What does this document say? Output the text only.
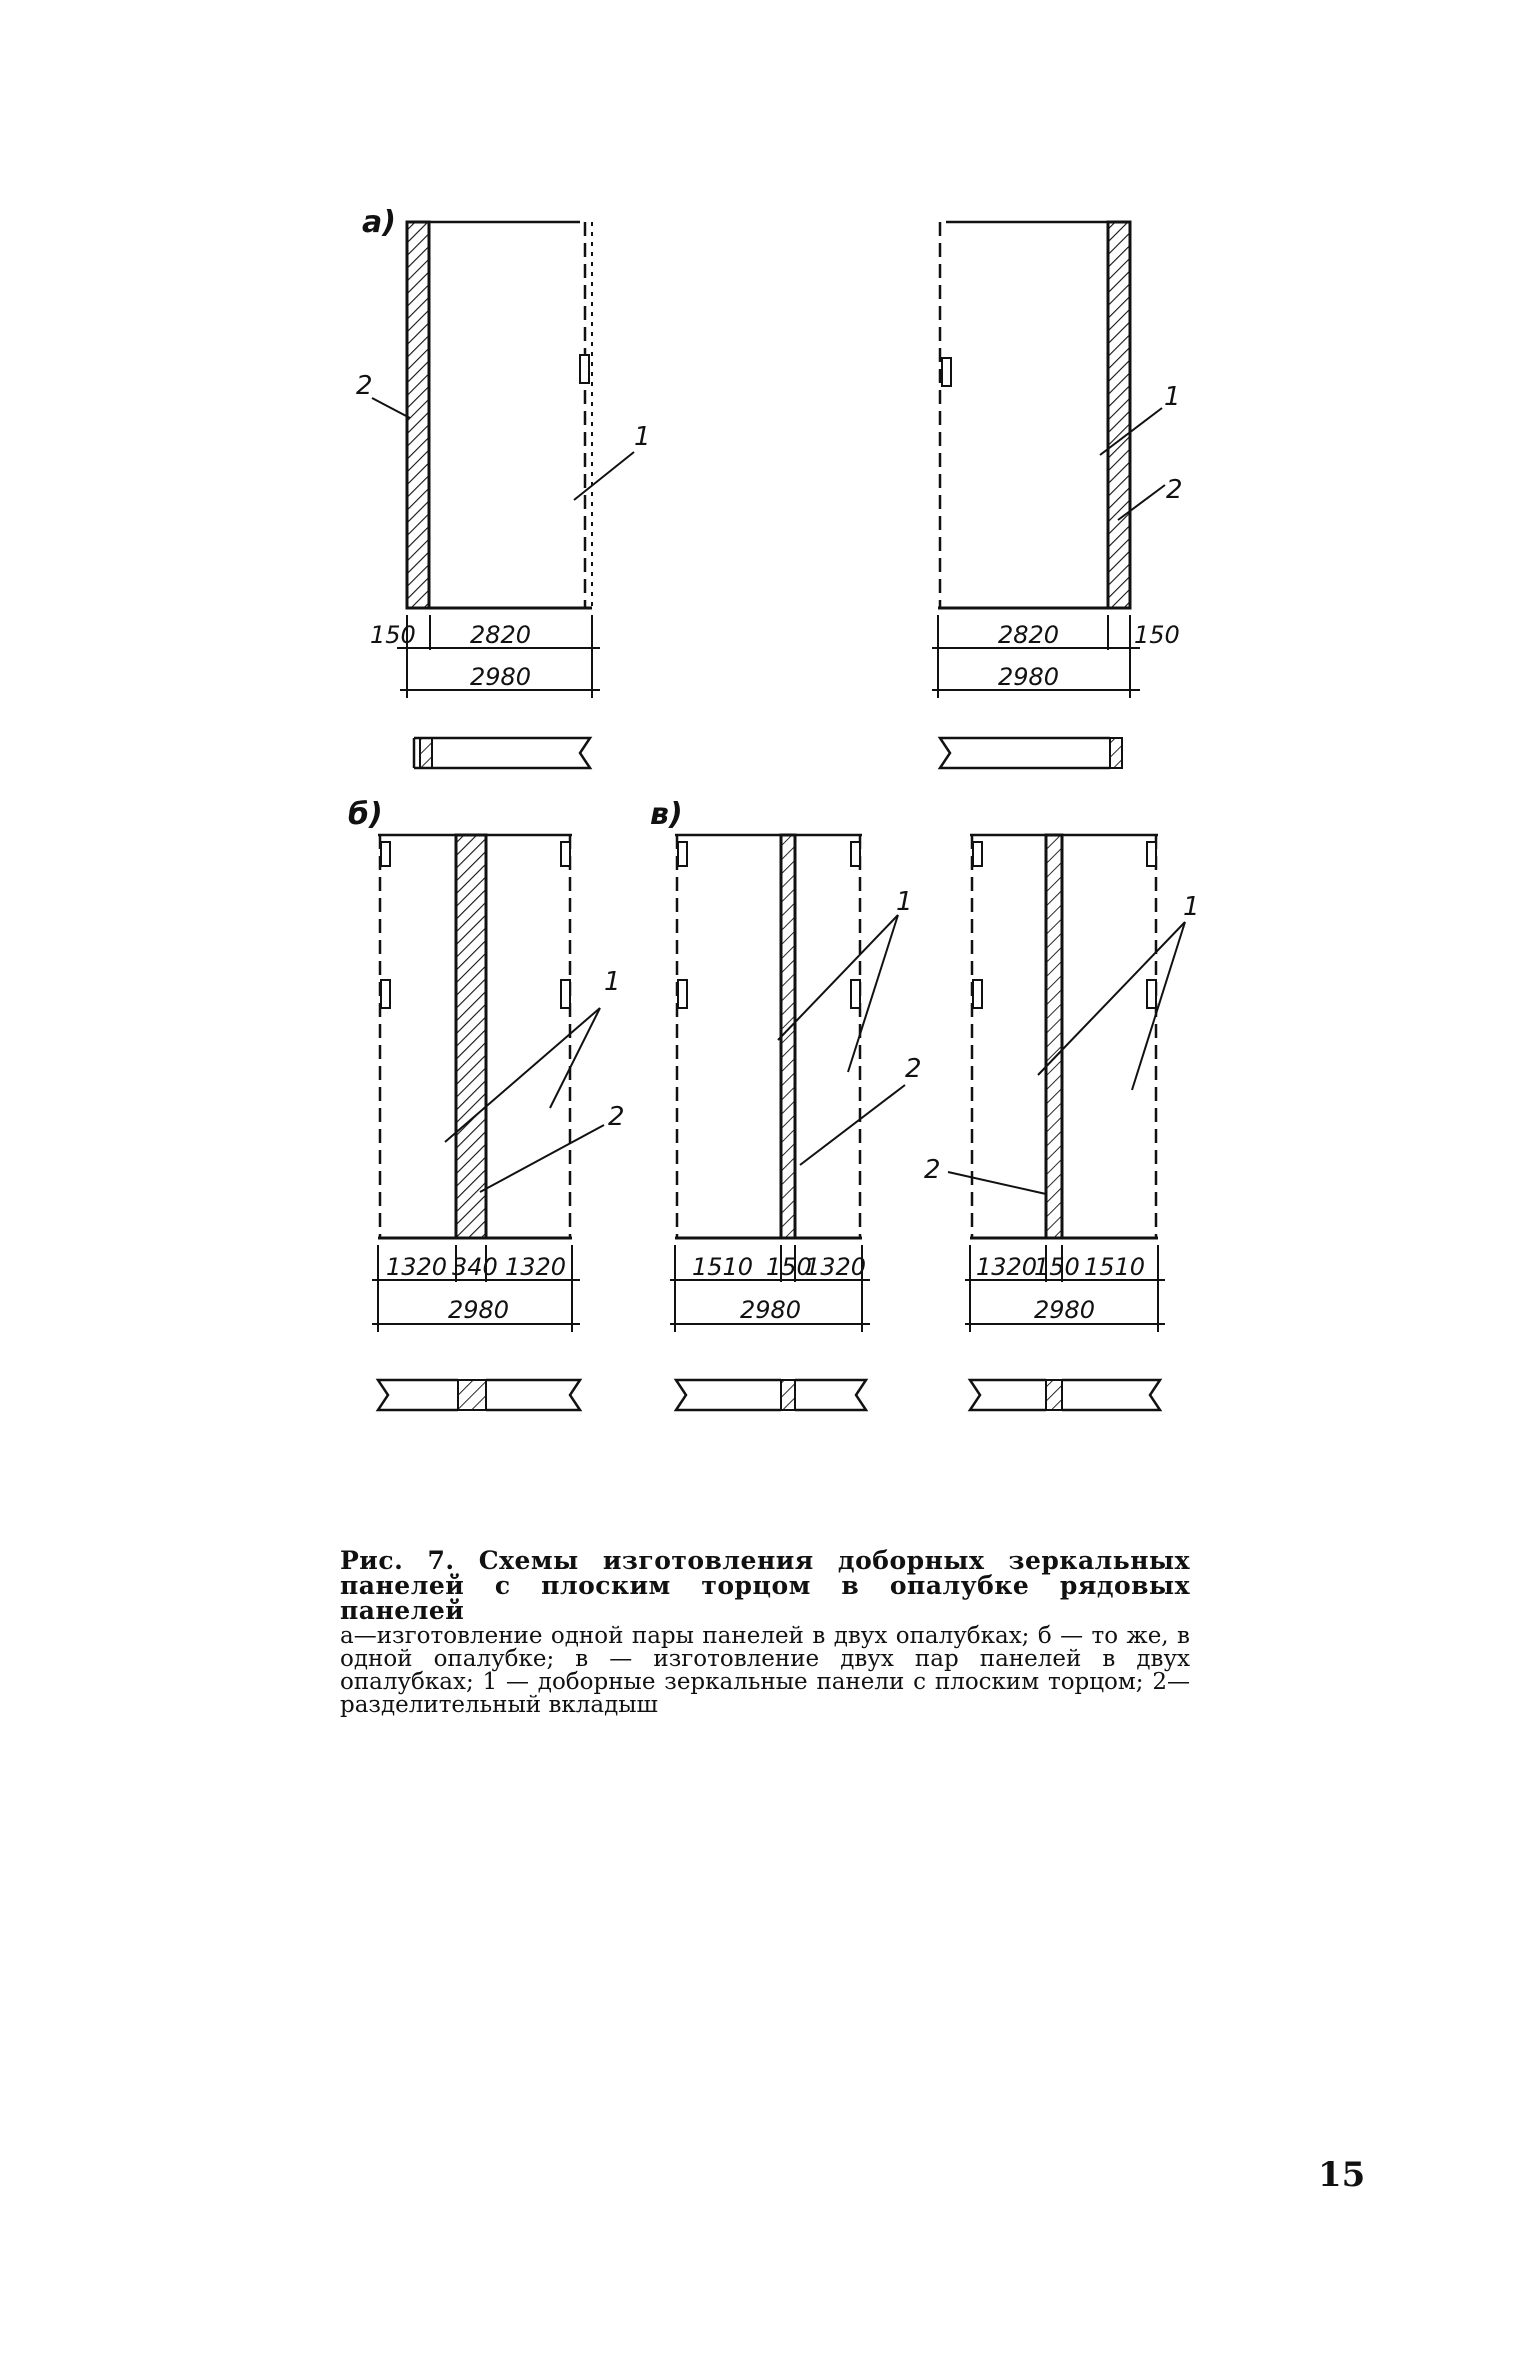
а)
2
1
150 2820
2980
1
2
2820	150
2980
б)
1
2
1320 340 1320
2980
в)
1
2
1510 150
1320
2980
1
2
1320
150 1510
2980
Рис. 7. Схемы изготовления доборных зеркальных панелей с плоским торцом в опалубке рядовых панелей
а—изготовление одной пары панелей в двух опалубках; б — то же, в одной опалубке; в — изготовление двух пар панелей в двух опалубках; 1 — доборные зеркальные панели с плоским торцом; 2—разделительный вкладыш
15
